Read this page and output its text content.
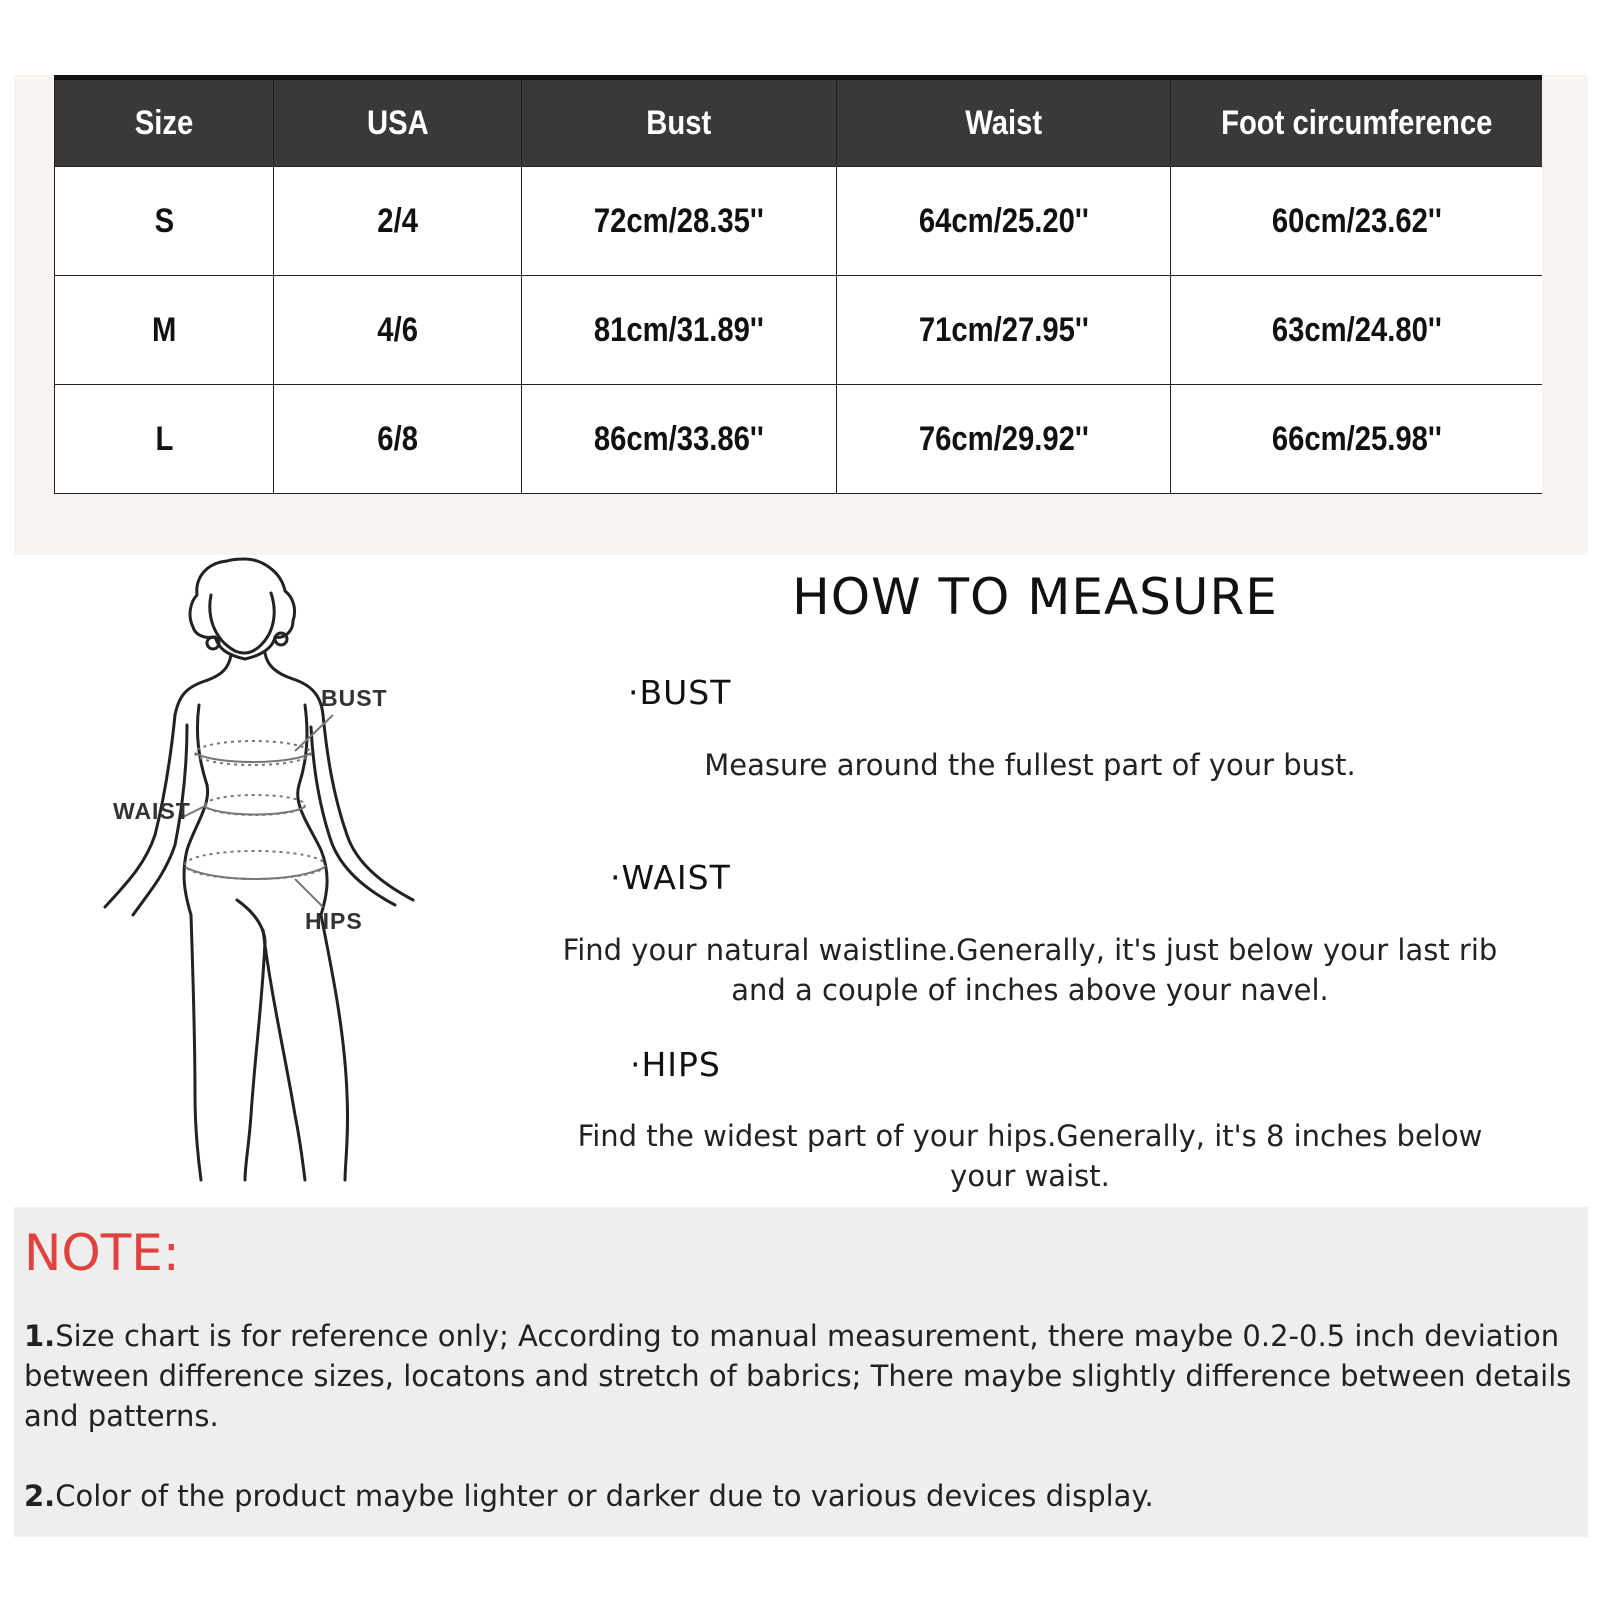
Size	USA	Bust	Waist	Foot circumference
S	2/4	72cm/28.35''	64cm/25.20''	60cm/23.62''
M	4/6	81cm/31.89''	71cm/27.95''	63cm/24.80''
L	6/8	86cm/33.86''	76cm/29.92''	66cm/25.98''
BUST
WAIST
HIPS
HOW TO MEASURE
·BUST
Measure around the fullest part of your bust.
·WAIST
Find your natural waistline.Generally, it's just below your last rib
and a couple of inches above your navel.
·HIPS
Find the widest part of your hips.Generally, it's 8 inches below
your waist.
NOTE:
1.Size chart is for reference only; According to manual measurement, there maybe 0.2-0.5 inch deviation between difference sizes, locatons and stretch of babrics; There maybe slightly difference between details and patterns.
2.Color of the product maybe lighter or darker due to various devices display.
